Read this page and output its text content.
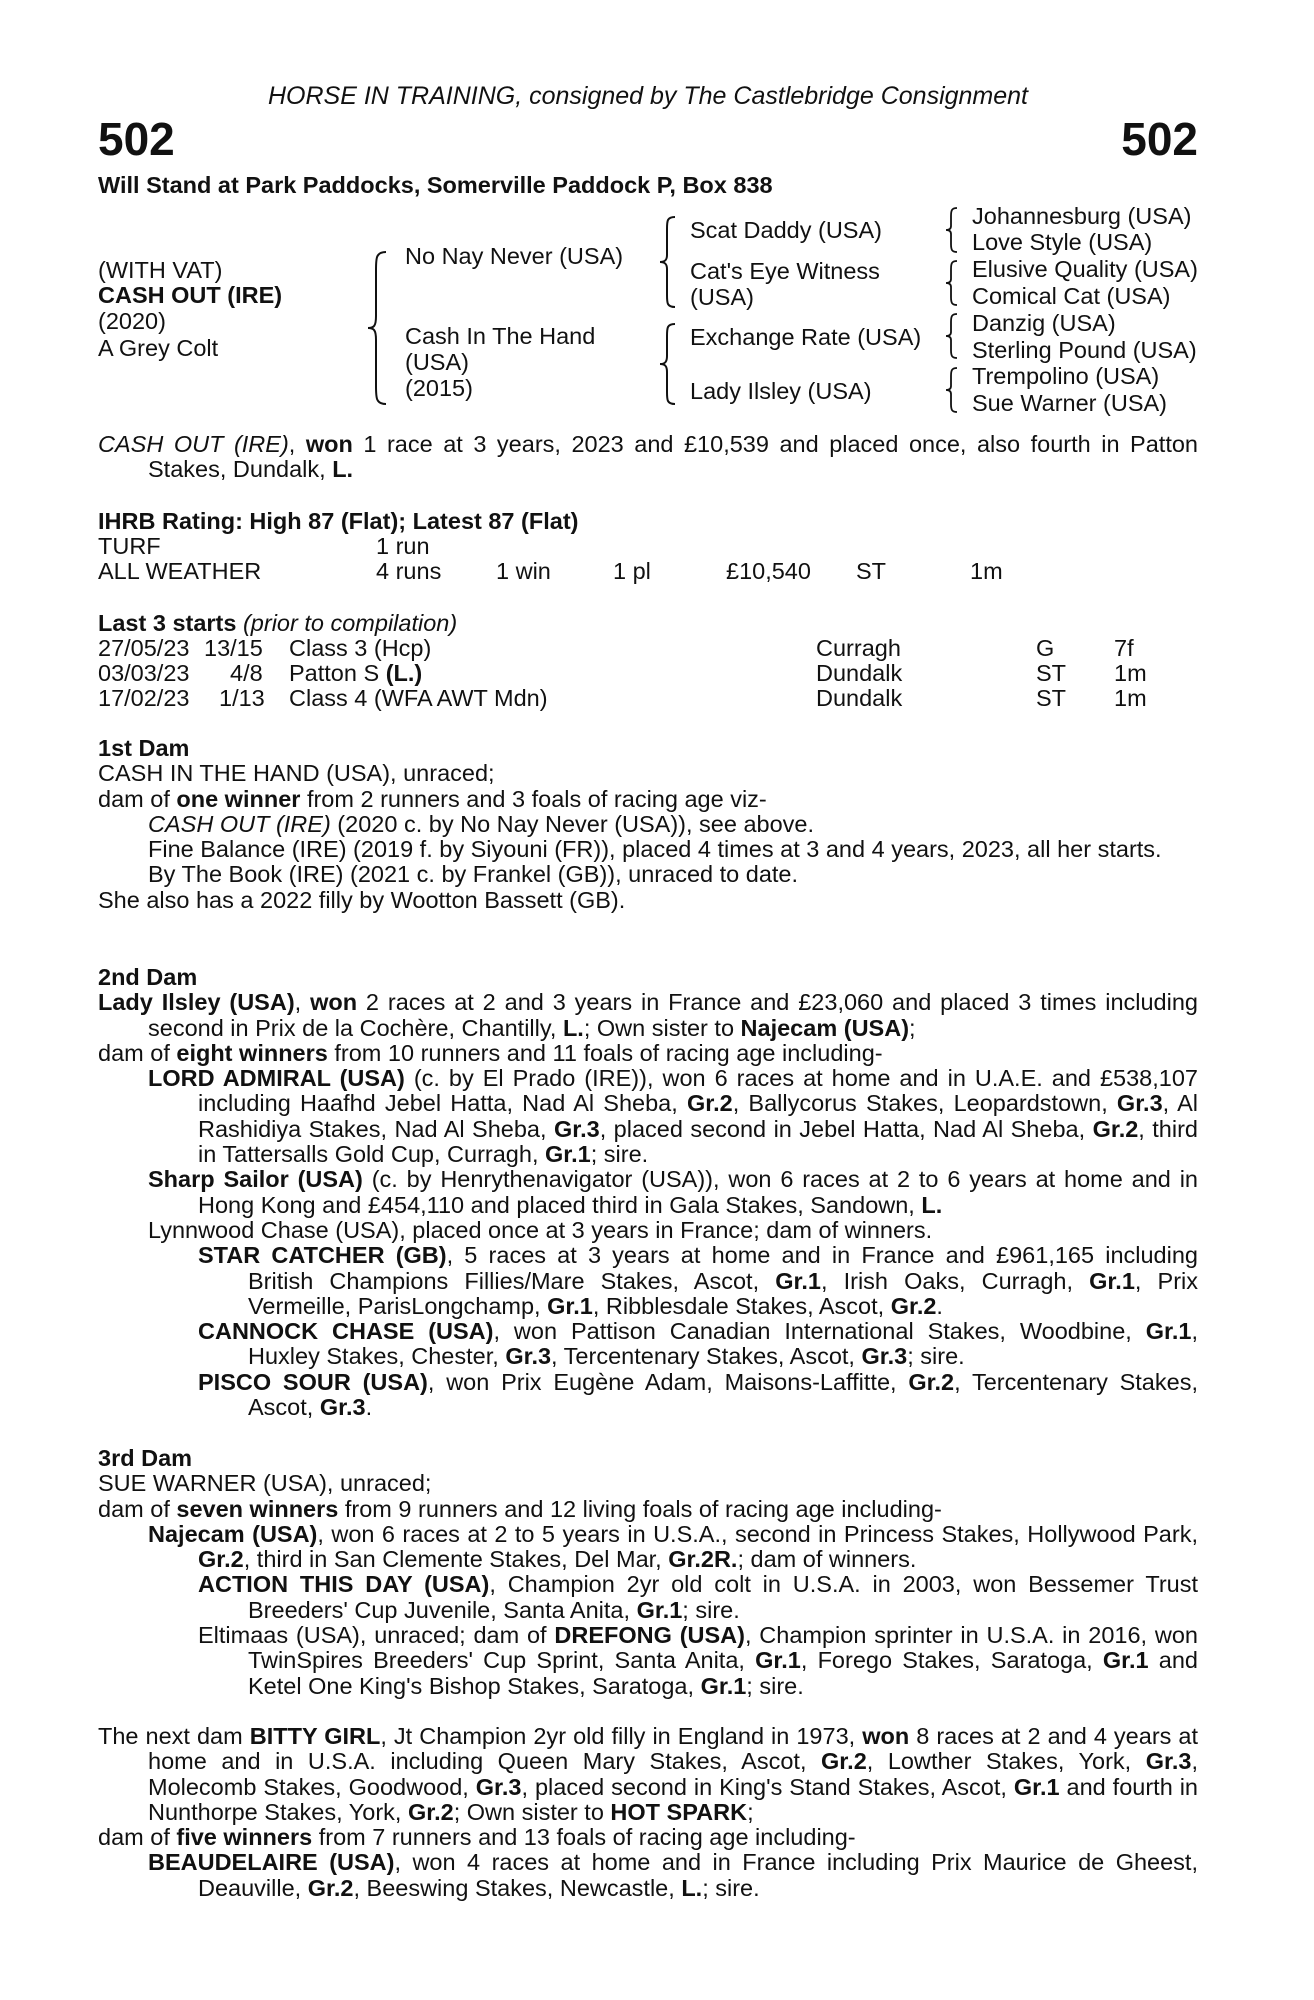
HORSE IN TRAINING, consigned by The Castlebridge Consignment
502	502
Will Stand at Park Paddocks, Somerville Paddock P, Box 838
(WITH VAT)
CASH OUT (IRE)
(2020)
A Grey Colt
No Nay Never (USA)
Cash In The Hand
(USA)
(2015)
Scat Daddy (USA)
Cat's Eye Witness
(USA)
Exchange Rate (USA)
Lady Ilsley (USA)
Johannesburg (USA)
Love Style (USA)
Elusive Quality (USA)
Comical Cat (USA)
Danzig (USA)
Sterling Pound (USA)
Trempolino (USA)
Sue Warner (USA)

CASH OUT (IRE), won 1 race at 3 years, 2023 and £10,539 and placed once, also fourth in Patton Stakes, Dundalk, L.

IHRB Rating: High 87 (Flat); Latest 87 (Flat)
TURF	1 run
ALL WEATHER	4 runs 1 win	1 pl	£10,540 ST	1m
Last 3 starts (prior to compilation)
27/05/23 13/15 Class 3 (Hcp)	Curragh	G	7f
03/03/23 4/8 Patton S (L.)	Dundalk	ST 1m
17/02/23 1/13 Class 4 (WFA AWT Mdn)	Dundalk	ST 1m

1st Dam

CASH IN THE HAND (USA), unraced;

dam of one winner from 2 runners and 3 foals of racing age viz-

CASH OUT (IRE) (2020 c. by No Nay Never (USA)), see above.

Fine Balance (IRE) (2019 f. by Siyouni (FR)), placed 4 times at 3 and 4 years, 2023, all her starts.

By The Book (IRE) (2021 c. by Frankel (GB)), unraced to date.

She also has a 2022 filly by Wootton Bassett (GB).

2nd Dam

Lady Ilsley (USA), won 2 races at 2 and 3 years in France and £23,060 and placed 3 times including second in Prix de la Cochère, Chantilly, L.; Own sister to Najecam (USA);

dam of eight winners from 10 runners and 11 foals of racing age including-

LORD ADMIRAL (USA) (c. by El Prado (IRE)), won 6 races at home and in U.A.E. and £538,107 including Haafhd Jebel Hatta, Nad Al Sheba, Gr.2, Ballycorus Stakes, Leopardstown, Gr.3, Al Rashidiya Stakes, Nad Al Sheba, Gr.3, placed second in Jebel Hatta, Nad Al Sheba, Gr.2, third in Tattersalls Gold Cup, Curragh, Gr.1; sire.

Sharp Sailor (USA) (c. by Henrythenavigator (USA)), won 6 races at 2 to 6 years at home and in Hong Kong and £454,110 and placed third in Gala Stakes, Sandown, L.

Lynnwood Chase (USA), placed once at 3 years in France; dam of winners.

STAR CATCHER (GB), 5 races at 3 years at home and in France and £961,165 including British Champions Fillies/Mare Stakes, Ascot, Gr.1, Irish Oaks, Curragh, Gr.1, Prix Vermeille, ParisLongchamp, Gr.1, Ribblesdale Stakes, Ascot, Gr.2.

CANNOCK CHASE (USA), won Pattison Canadian International Stakes, Woodbine, Gr.1, Huxley Stakes, Chester, Gr.3, Tercentenary Stakes, Ascot, Gr.3; sire.

PISCO SOUR (USA), won Prix Eugène Adam, Maisons-Laffitte, Gr.2, Tercentenary Stakes, Ascot, Gr.3.

3rd Dam

SUE WARNER (USA), unraced;

dam of seven winners from 9 runners and 12 living foals of racing age including-

Najecam (USA), won 6 races at 2 to 5 years in U.S.A., second in Princess Stakes, Hollywood Park, Gr.2, third in San Clemente Stakes, Del Mar, Gr.2R.; dam of winners.

ACTION THIS DAY (USA), Champion 2yr old colt in U.S.A. in 2003, won Bessemer Trust Breeders' Cup Juvenile, Santa Anita, Gr.1; sire.

Eltimaas (USA), unraced; dam of DREFONG (USA), Champion sprinter in U.S.A. in 2016, won TwinSpires Breeders' Cup Sprint, Santa Anita, Gr.1, Forego Stakes, Saratoga, Gr.1 and Ketel One King's Bishop Stakes, Saratoga, Gr.1; sire.

The next dam BITTY GIRL, Jt Champion 2yr old filly in England in 1973, won 8 races at 2 and 4 years at home and in U.S.A. including Queen Mary Stakes, Ascot, Gr.2, Lowther Stakes, York, Gr.3, Molecomb Stakes, Goodwood, Gr.3, placed second in King's Stand Stakes, Ascot, Gr.1 and fourth in Nunthorpe Stakes, York, Gr.2; Own sister to HOT SPARK;

dam of five winners from 7 runners and 13 foals of racing age including-

BEAUDELAIRE (USA), won 4 races at home and in France including Prix Maurice de Gheest, Deauville, Gr.2, Beeswing Stakes, Newcastle, L.; sire.
